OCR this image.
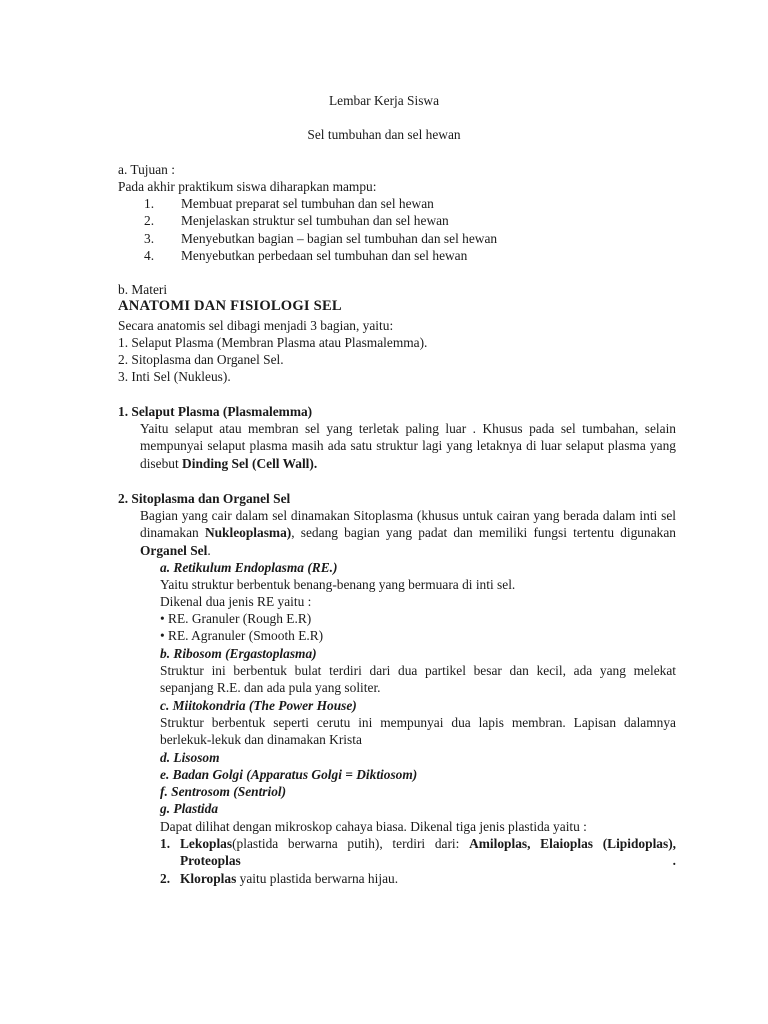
Lembar Kerja Siswa
Sel tumbuhan dan sel hewan
a. Tujuan :
Pada akhir praktikum siswa diharapkan mampu:
1. Membuat preparat sel tumbuhan dan sel hewan
2. Menjelaskan struktur sel tumbuhan dan sel hewan
3. Menyebutkan bagian – bagian sel tumbuhan dan sel hewan
4. Menyebutkan perbedaan sel tumbuhan dan sel hewan
b. Materi
ANATOMI DAN FISIOLOGI SEL
Secara anatomis sel dibagi menjadi 3 bagian, yaitu:
1. Selaput Plasma (Membran Plasma atau Plasmalemma).
2. Sitoplasma dan Organel Sel.
3. Inti Sel (Nukleus).
1. Selaput Plasma (Plasmalemma)

Yaitu selaput atau membran sel yang terletak paling luar . Khusus pada sel tumbahan, selain mempunyai selaput plasma masih ada satu struktur lagi yang letaknya di luar selaput plasma yang disebut Dinding Sel (Cell Wall).

2. Sitoplasma dan Organel Sel

Bagian yang cair dalam sel dinamakan Sitoplasma (khusus untuk cairan yang berada dalam inti sel dinamakan Nukleoplasma), sedang bagian yang padat dan memiliki fungsi tertentu digunakan Organel Sel.

a. Retikulum Endoplasma (RE.)
Yaitu struktur berbentuk benang-benang yang bermuara di inti sel.
Dikenal dua jenis RE yaitu :
• RE. Granuler (Rough E.R)
• RE. Agranuler (Smooth E.R)
b. Ribosom (Ergastoplasma)

Struktur ini berbentuk bulat terdiri dari dua partikel besar dan kecil, ada yang melekat sepanjang R.E. dan ada pula yang soliter.

c. Miitokondria (The Power House)

Struktur berbentuk seperti cerutu ini mempunyai dua lapis membran. Lapisan dalamnya berlekuk-lekuk dan dinamakan Krista

d. Lisosom
e. Badan Golgi (Apparatus Golgi = Diktiosom)
f. Sentrosom (Sentriol)
g. Plastida
Dapat dilihat dengan mikroskop cahaya biasa. Dikenal tiga jenis plastida yaitu :
1. Lekoplas(plastida berwarna putih), terdiri dari: Amiloplas, Elaioplas (Lipidoplas), Proteoplas .

2. Kloroplas yaitu plastida berwarna hijau.
